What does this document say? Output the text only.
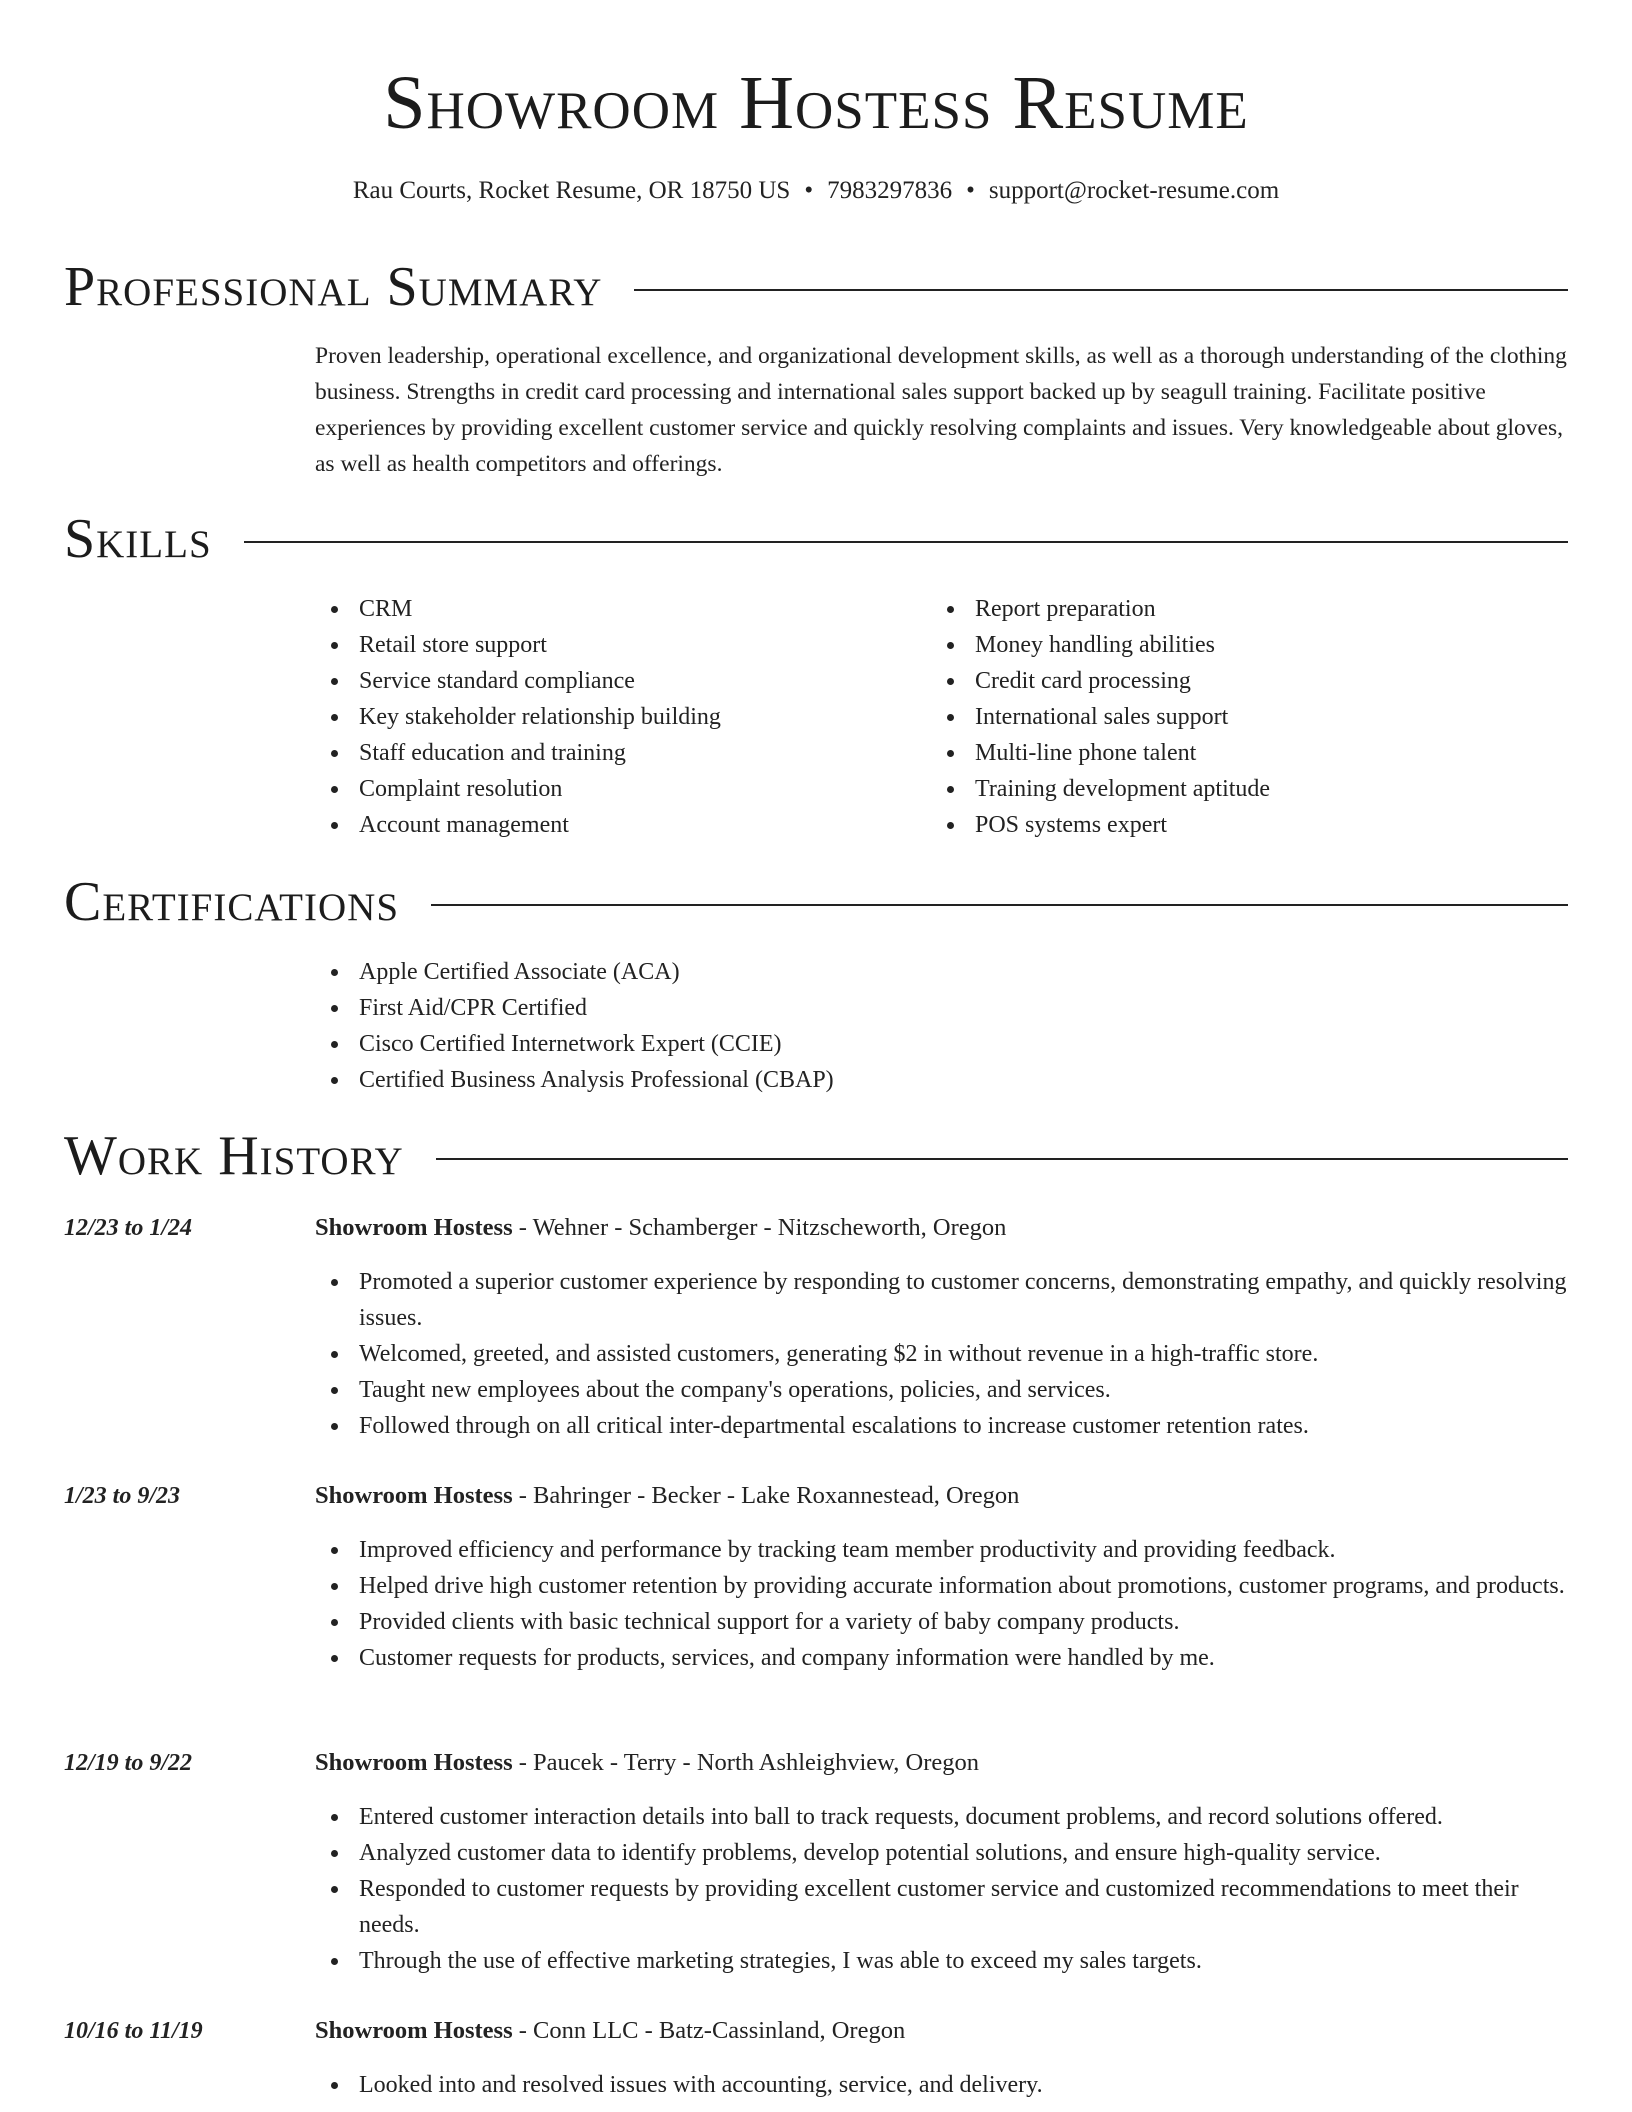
Showroom Hostess Resume
Rau Courts, Rocket Resume, OR 18750 US • 7983297836 • support@rocket-resume.com
Professional Summary

Proven leadership, operational excellence, and organizational development skills, as well as a thorough understanding of the clothing business. Strengths in credit card processing and international sales support backed up by seagull training. Facilitate positive experiences by providing excellent customer service and quickly resolving complaints and issues. Very knowledgeable about gloves, as well as health competitors and offerings.

Skills
CRM
Retail store support
Service standard compliance
Key stakeholder relationship building
Staff education and training
Complaint resolution
Account management
Report preparation
Money handling abilities
Credit card processing
International sales support
Multi-line phone talent
Training development aptitude
POS systems expert
Certifications
Apple Certified Associate (ACA)
First Aid/CPR Certified
Cisco Certified Internetwork Expert (CCIE)
Certified Business Analysis Professional (CBAP)
Work History
12/23 to 1/24	Showroom Hostess - Wehner - Schamberger - Nitzscheworth, Oregon
Promoted a superior customer experience by responding to customer concerns, demonstrating empathy, and quickly resolving issues.
Welcomed, greeted, and assisted customers, generating $2 in without revenue in a high-traffic store.
Taught new employees about the company's operations, policies, and services.
Followed through on all critical inter-departmental escalations to increase customer retention rates.
1/23 to 9/23	Showroom Hostess - Bahringer - Becker - Lake Roxannestead, Oregon
Improved efficiency and performance by tracking team member productivity and providing feedback.
Helped drive high customer retention by providing accurate information about promotions, customer programs, and products.
Provided clients with basic technical support for a variety of baby company products.
Customer requests for products, services, and company information were handled by me.
12/19 to 9/22	Showroom Hostess - Paucek - Terry - North Ashleighview, Oregon
Entered customer interaction details into ball to track requests, document problems, and record solutions offered.
Analyzed customer data to identify problems, develop potential solutions, and ensure high-quality service.
Responded to customer requests by providing excellent customer service and customized recommendations to meet their needs.
Through the use of effective marketing strategies, I was able to exceed my sales targets.
10/16 to 11/19	Showroom Hostess - Conn LLC - Batz-Cassinland, Oregon
Looked into and resolved issues with accounting, service, and delivery.
